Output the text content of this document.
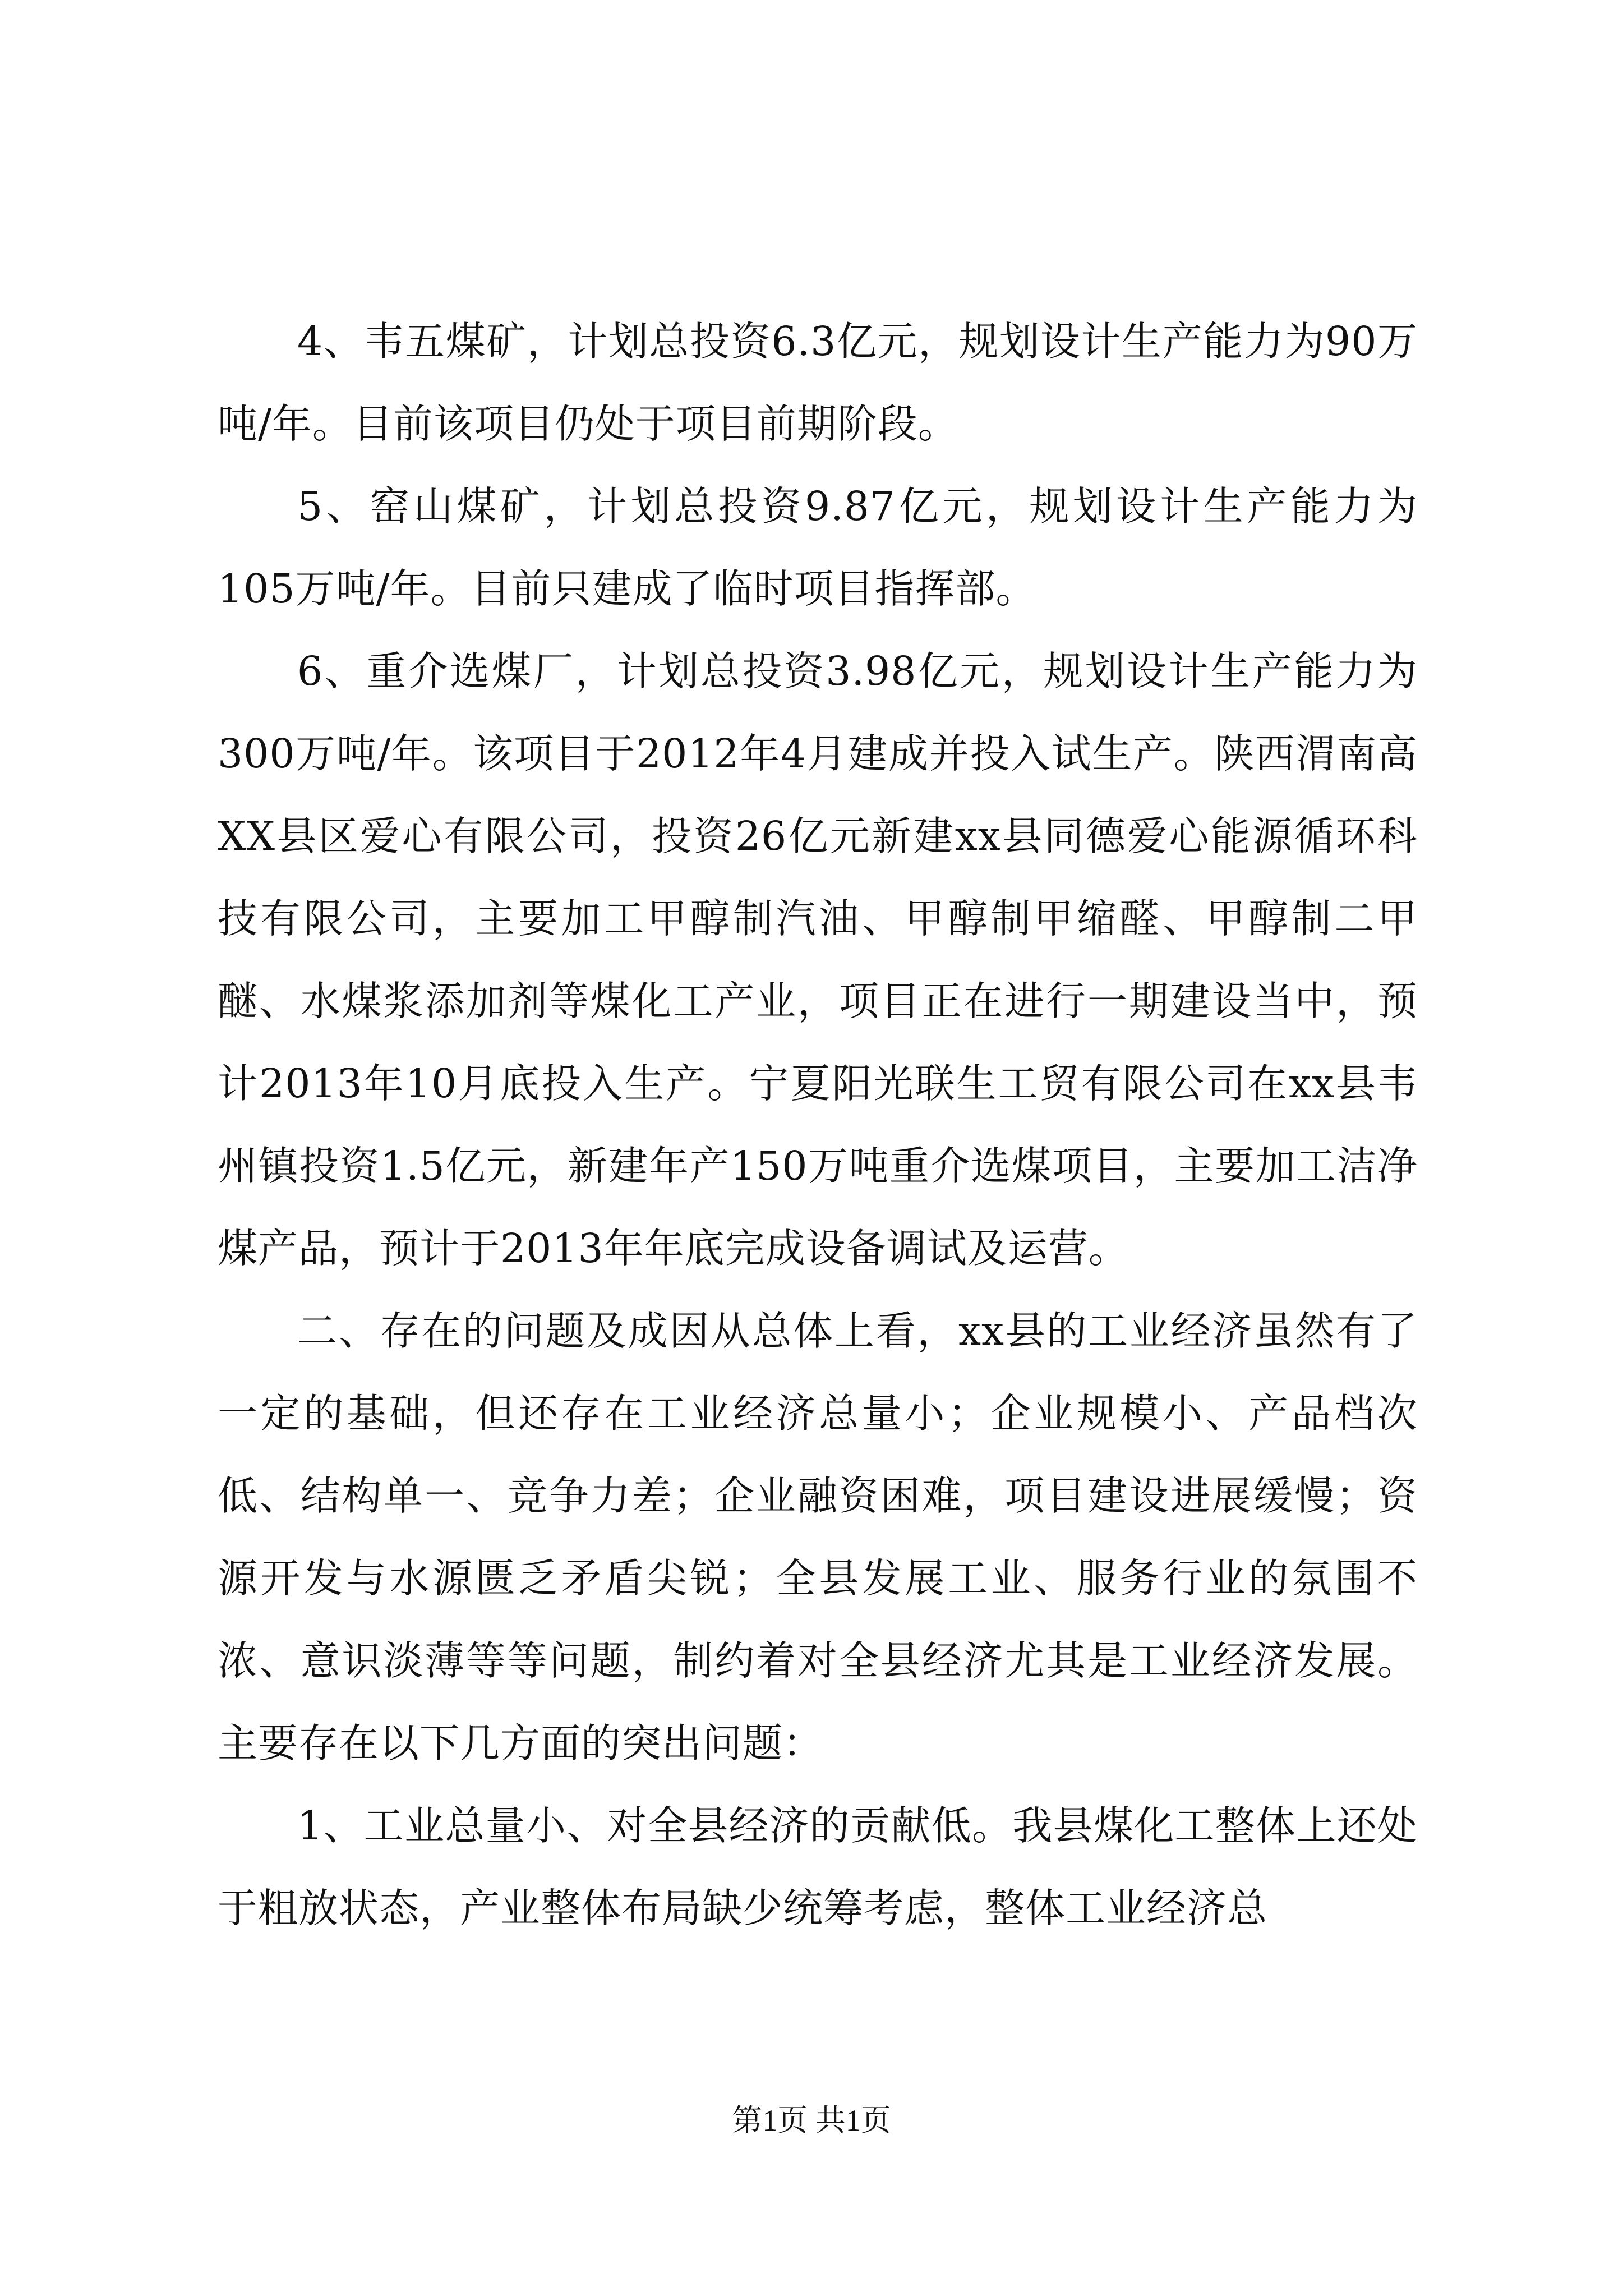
4、韦五煤矿，计划总投资6.3亿元，规划设计生产能力为90万吨/年。目前该项目仍处于项目前期阶段。

5、窑山煤矿，计划总投资9.87亿元，规划设计生产能力为105万吨/年。目前只建成了临时项目指挥部。

6、重介选煤厂，计划总投资3.98亿元，规划设计生产能力为300万吨/年。该项目于2012年4月建成并投入试生产。陕西渭南高XX县区爱心有限公司，投资26亿元新建xx县同德爱心能源循环科技有限公司，主要加工甲醇制汽油、甲醇制甲缩醛、甲醇制二甲醚、水煤浆添加剂等煤化工产业，项目正在进行一期建设当中，预计2013年10月底投入生产。宁夏阳光联生工贸有限公司在xx县韦州镇投资1.5亿元，新建年产150万吨重介选煤项目，主要加工洁净煤产品，预计于2013年年底完成设备调试及运营。

二、存在的问题及成因从总体上看，xx县的工业经济虽然有了一定的基础，但还存在工业经济总量小；企业规模小、产品档次低、结构单一、竞争力差；企业融资困难，项目建设进展缓慢；资源开发与水源匮乏矛盾尖锐；全县发展工业、服务行业的氛围不浓、意识淡薄等等问题，制约着对全县经济尤其是工业经济发展。主要存在以下几方面的突出问题：

1、工业总量小、对全县经济的贡献低。我县煤化工整体上还处于粗放状态，产业整体布局缺少统筹考虑，整体工业经济总

第1页 共1页
